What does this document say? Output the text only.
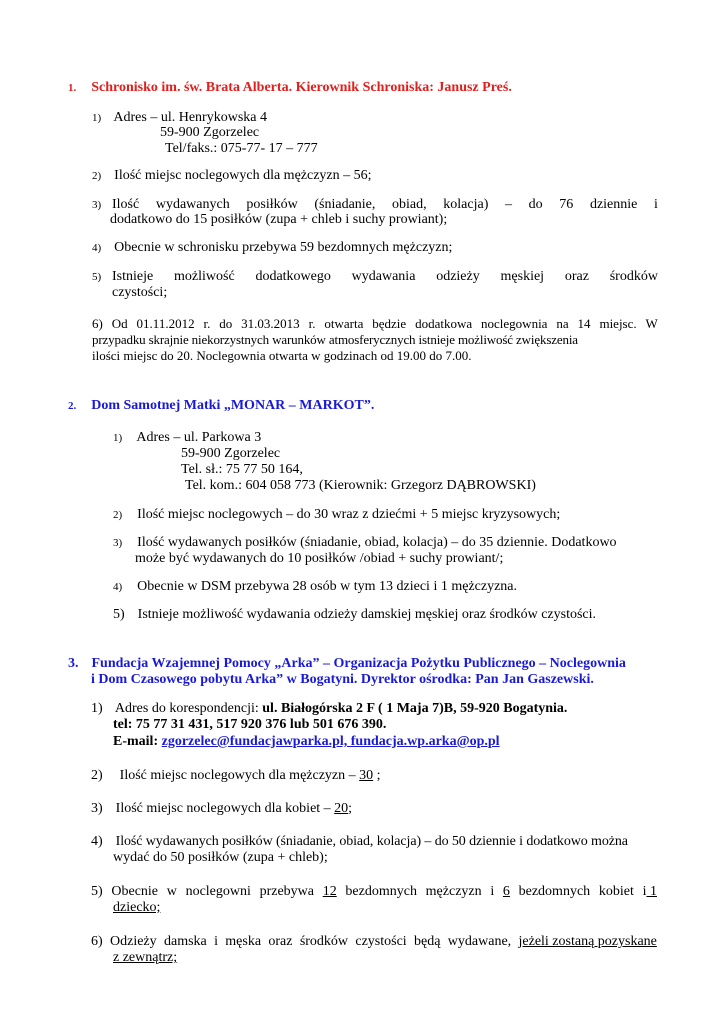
1. Schronisko im. św. Brata Alberta. Kierownik Schroniska: Janusz Preś.
1) Adres – ul. Henrykowska 4
59-900 Zgorzelec
Tel/faks.: 075-77- 17 – 777
2) Ilość miejsc noclegowych dla mężczyzn – 56;
3) Ilość wydawanych posiłków (śniadanie, obiad, kolacja) – do 76 dziennie i
dodatkowo do 15 posiłków (zupa + chleb i suchy prowiant);
4) Obecnie w schronisku przebywa 59 bezdomnych mężczyzn;
5) Istnieje możliwość dodatkowego wydawania odzieży męskiej oraz środków
czystości;
6) Od 01.11.2012 r. do 31.03.2013 r. otwarta będzie dodatkowa noclegownia na 14 miejsc. W
przypadku skrajnie niekorzystnych warunków atmosferycznych istnieje możliwość zwiększenia
ilości miejsc do 20. Noclegownia otwarta w godzinach od 19.00 do 7.00.
2. Dom Samotnej Matki „MONAR – MARKOT”.
1) Adres – ul. Parkowa 3
59-900 Zgorzelec
Tel. sł.: 75 77 50 164,
Tel. kom.: 604 058 773 (Kierownik: Grzegorz DĄBROWSKI)
2) Ilość miejsc noclegowych – do 30 wraz z dziećmi + 5 miejsc kryzysowych;
3) Ilość wydawanych posiłków (śniadanie, obiad, kolacja) – do 35 dziennie. Dodatkowo
może być wydawanych do 10 posiłków /obiad + suchy prowiant/;
4) Obecnie w DSM przebywa 28 osób w tym 13 dzieci i 1 mężczyzna.
5) Istnieje możliwość wydawania odzieży damskiej męskiej oraz środków czystości.
3. Fundacja Wzajemnej Pomocy „Arka” – Organizacja Pożytku Publicznego – Noclegownia
i Dom Czasowego pobytu Arka” w Bogatyni. Dyrektor ośrodka: Pan Jan Gaszewski.
1) Adres do korespondencji: ul. Białogórska 2 F ( 1 Maja 7)B, 59-920 Bogatynia.
tel: 75 77 31 431, 517 920 376 lub 501 676 390.
E-mail: zgorzelec@fundacjawparka.pl, fundacja.wp.arka@op.pl
2) Ilość miejsc noclegowych dla mężczyzn – 30 ;
3) Ilość miejsc noclegowych dla kobiet – 20;
4) Ilość wydawanych posiłków (śniadanie, obiad, kolacja) – do 50 dziennie i dodatkowo można
wydać do 50 posiłków (zupa + chleb);
5) Obecnie w noclegowni przebywa 12 bezdomnych mężczyzn i 6 bezdomnych kobiet i 1
dziecko;
6) Odzieży damska i męska oraz środków czystości będą wydawane, jeżeli zostaną pozyskane
z zewnątrz;
